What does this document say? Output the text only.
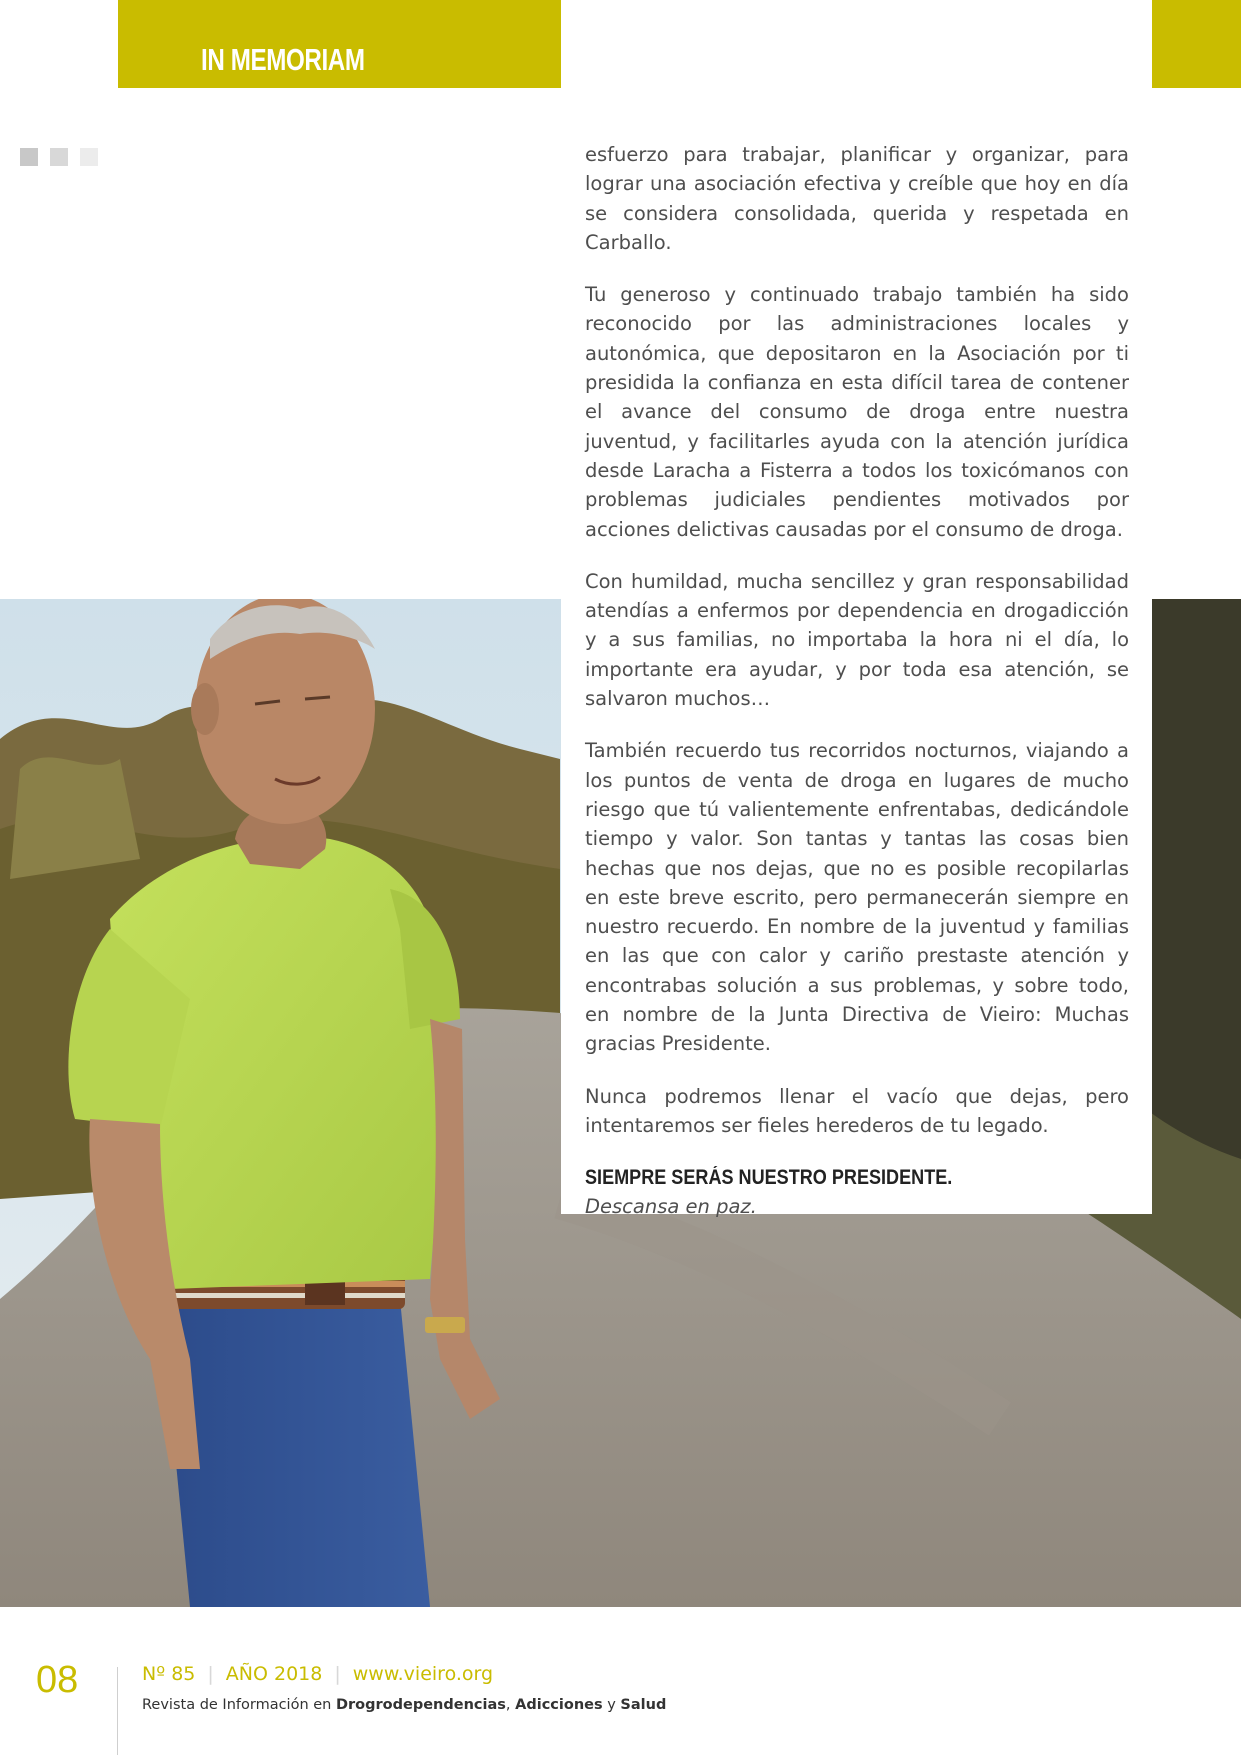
IN MEMORIAM

esfuerzo para trabajar, planificar y organizar, para lograr una asociación efectiva y creíble que hoy en día se considera consolidada, querida y respetada en Carballo.

Tu generoso y continuado trabajo también ha sido reconocido por las administraciones locales y autonómica, que depositaron en la Asociación por ti presidida la confianza en esta difícil tarea de contener el avance del consumo de droga entre nuestra juventud, y facilitarles ayuda con la atención jurídica desde Laracha a Fisterra a todos los toxicómanos con problemas judiciales pendientes motivados por acciones delictivas causadas por el consumo de droga.

Con humildad, mucha sencillez y gran responsabilidad atendías a enfermos por dependencia en drogadicción y a sus familias, no importaba la hora ni el día, lo importante era ayudar, y por toda esa atención, se salvaron muchos…

También recuerdo tus recorridos nocturnos, viajando a los puntos de venta de droga en lugares de mucho riesgo que tú valientemente enfrentabas, dedicándole tiempo y valor. Son tantas y tantas las cosas bien hechas que nos dejas, que no es posible recopilarlas en este breve escrito, pero permanecerán siempre en nuestro recuerdo. En nombre de la juventud y familias en las que con calor y cariño prestaste atención y encontrabas solución a sus problemas, y sobre todo, en nombre de la Junta Directiva de Vieiro: Muchas gracias Presidente.

Nunca podremos llenar el vacío que dejas, pero intentaremos ser fieles herederos de tu legado.

SIEMPRE SERÁS NUESTRO PRESIDENTE.
Descansa en paz.
08	Nº 85 | AÑO 2018 | www.vieiro.org
Revista de Información en Drogrodependencias, Adicciones y Salud
